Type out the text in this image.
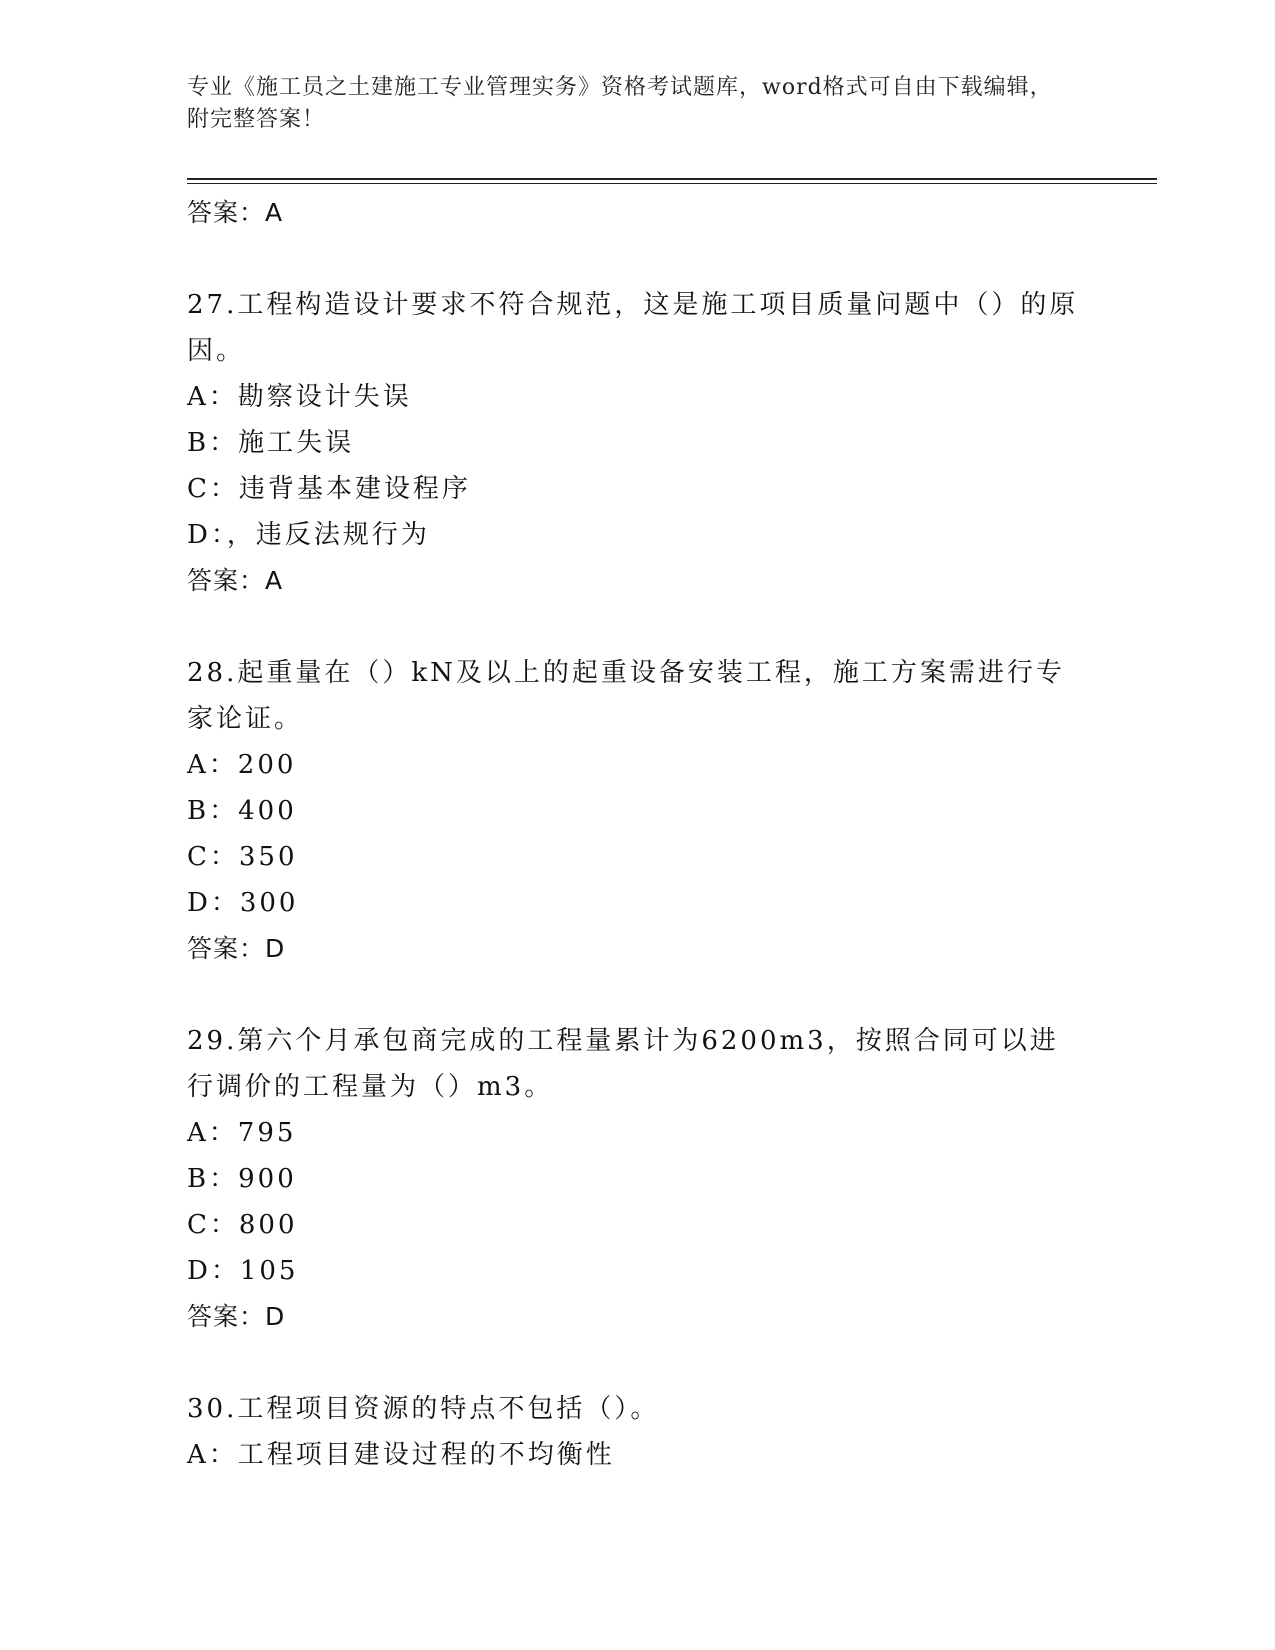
专业《施工员之土建施工专业管理实务》资格考试题库，word格式可自由下载编辑，附完整答案！
答案：A
27.工程构造设计要求不符合规范，这是施工项目质量问题中（）的原因。
A：勘察设计失误
B：施工失误
C：违背基本建设程序
D：，违反法规行为
答案：A
28.起重量在（）kN及以上的起重设备安装工程，施工方案需进行专家论证。
A：200
B：400
C：350
D：300
答案：D
29.第六个月承包商完成的工程量累计为6200m3，按照合同可以进行调价的工程量为（）m3。
A：795
B：900
C：800
D：105
答案：D
30.工程项目资源的特点不包括（）。
A：工程项目建设过程的不均衡性
